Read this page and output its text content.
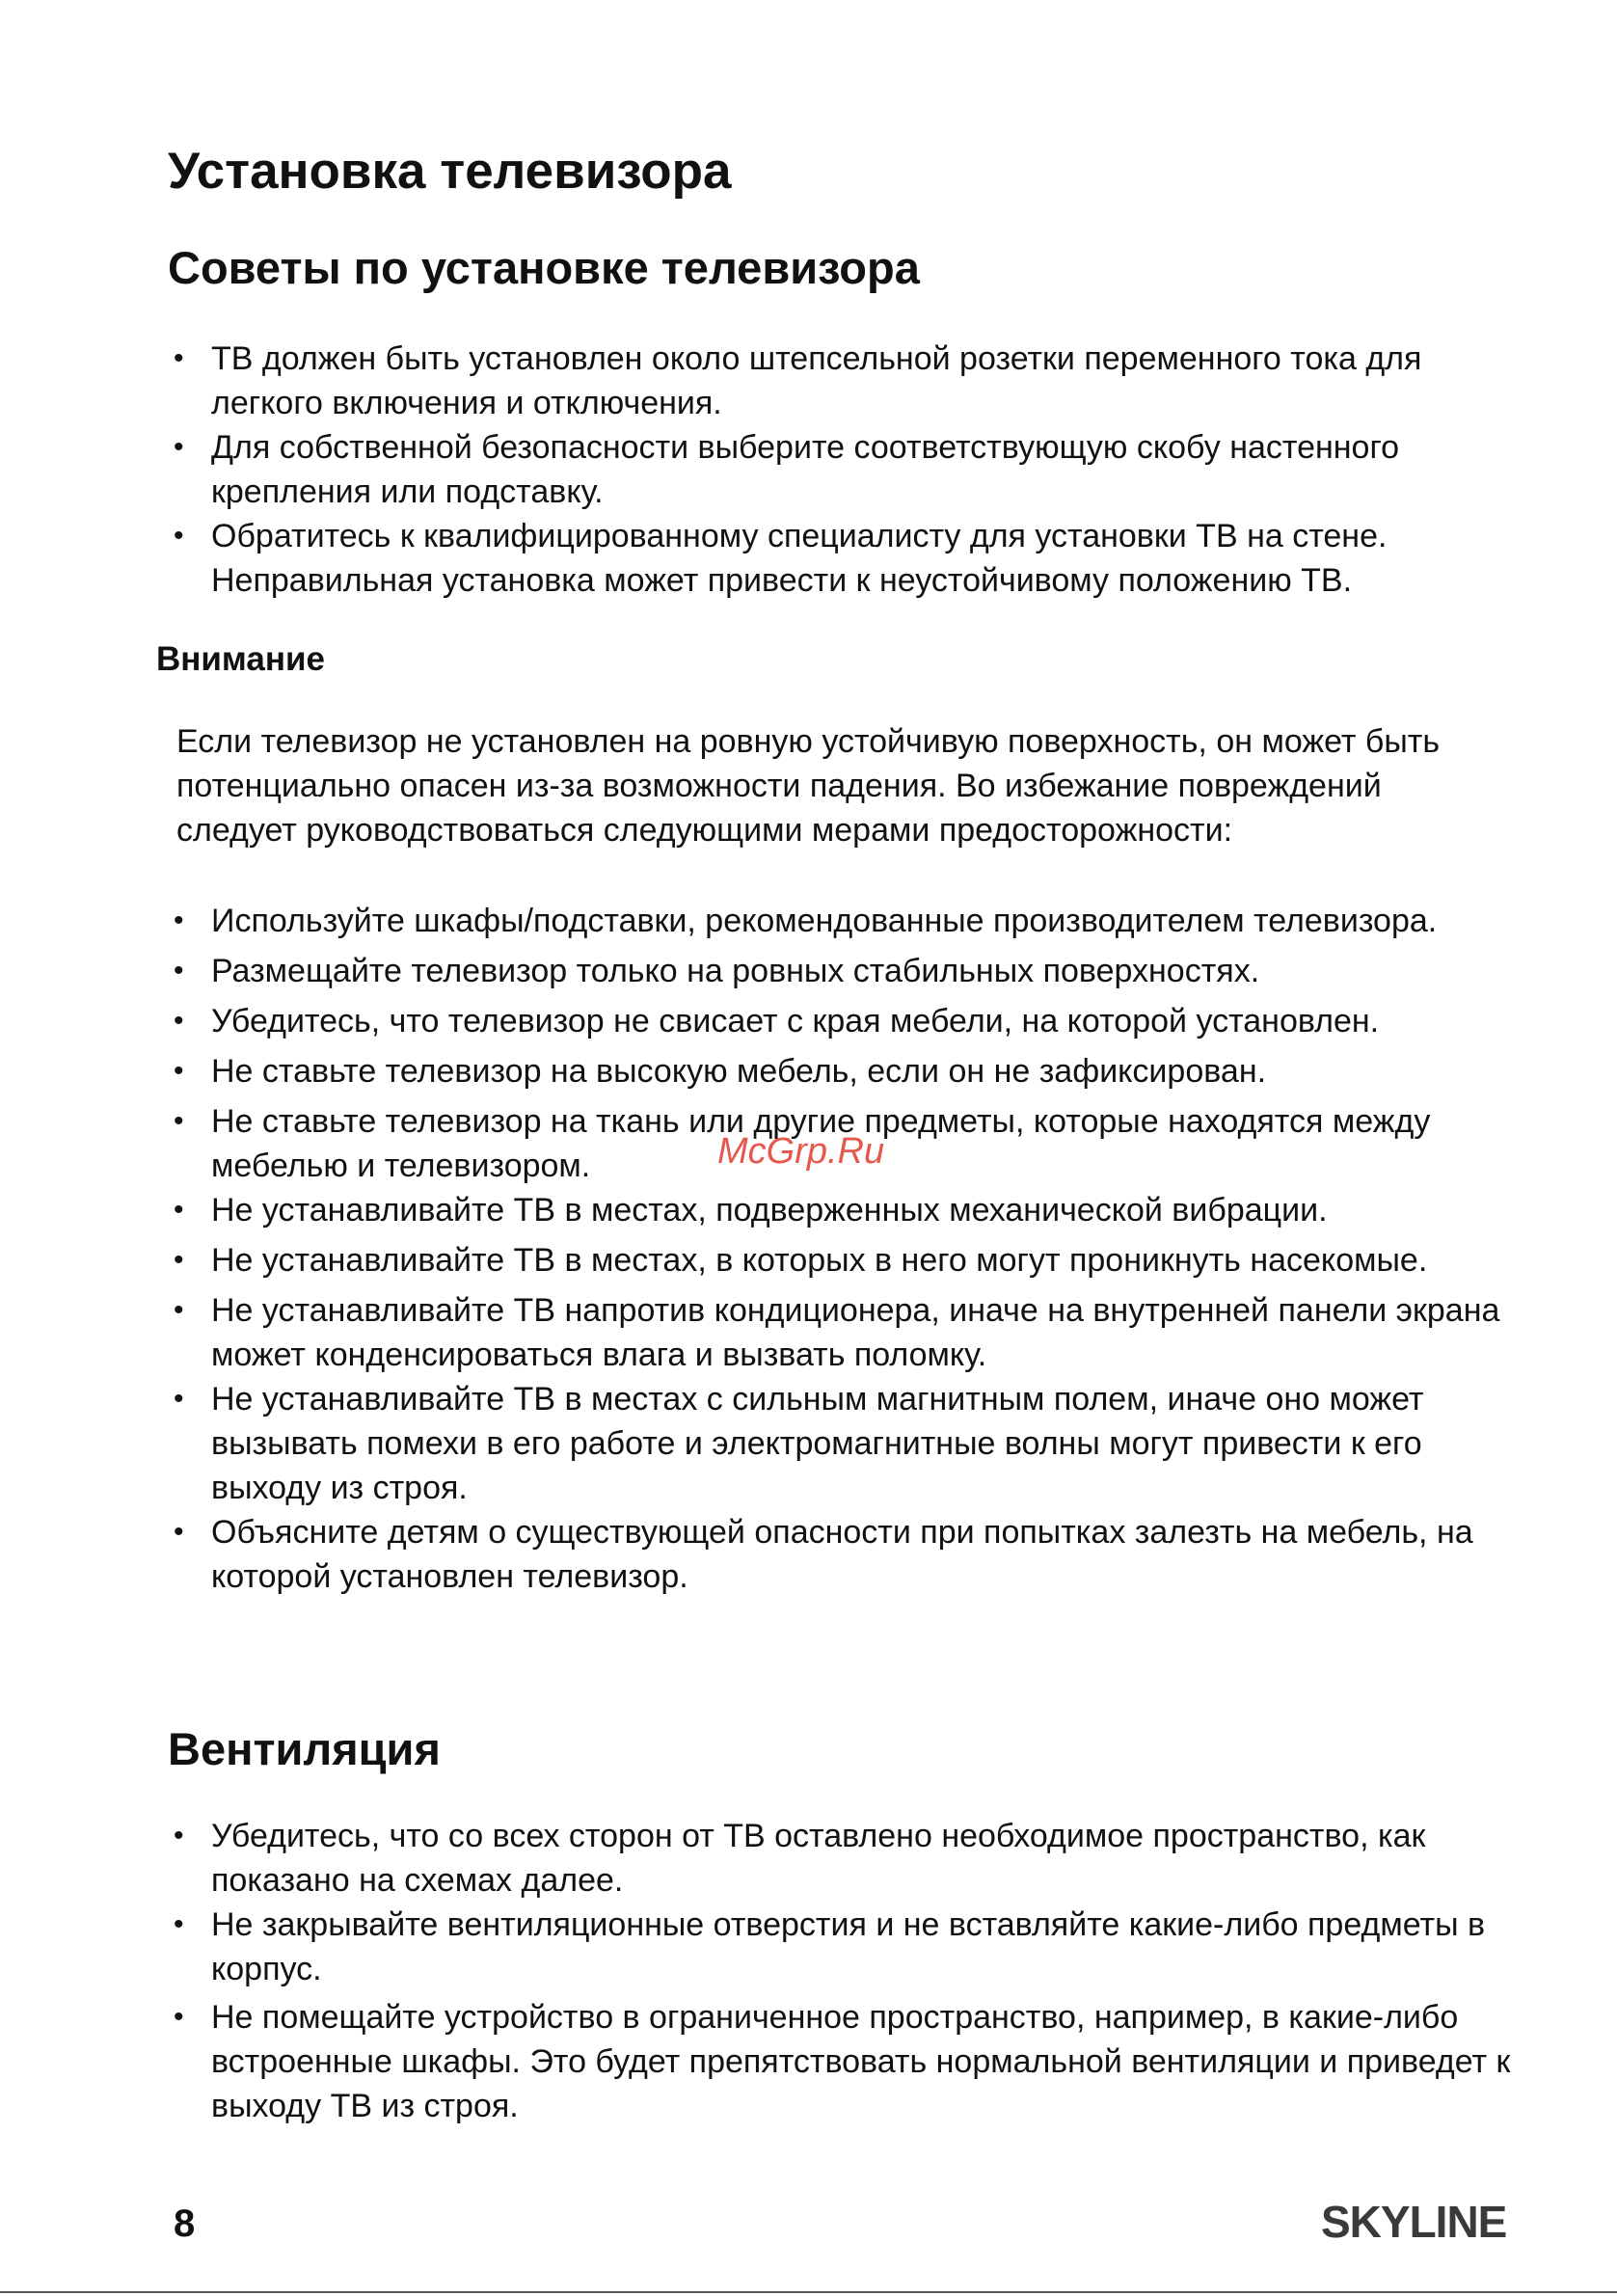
Установка телевизора
Советы по установке телевизора
• ТВ должен быть установлен около штепсельной розетки переменного тока для легкого включения и отключения.
• Для собственной безопасности выберите соответствующую скобу настенного крепления или подставку.
• Обратитесь к квалифицированному специалисту для установки ТВ на стене. Неправильная установка может привести к неустойчивому положению ТВ.
Внимание

Если телевизор не установлен на ровную устойчивую поверхность, он может быть потенциально опасен из-за возможности падения. Во избежание повреждений следует руководствоваться следующими мерами предосторожности:

• Используйте шкафы/подставки, рекомендованные производителем телевизора.
• Размещайте телевизор только на ровных стабильных поверхностях.
• Убедитесь, что телевизор не свисает с края мебели, на которой установлен.
• Не ставьте телевизор на высокую мебель, если он не зафиксирован.
• Не ставьте телевизор на ткань или другие предметы, которые находятся между мебелью и телевизором.
• Не устанавливайте ТВ в местах, подверженных механической вибрации.
• Не устанавливайте ТВ в местах, в которых в него могут проникнуть насекомые.
• Не устанавливайте ТВ напротив кондиционера, иначе на внутренней панели экрана может конденсироваться влага и вызвать поломку.
• Не устанавливайте ТВ в местах с сильным магнитным полем, иначе оно может вызывать помехи в его работе и электромагнитные волны могут привести к его выходу из строя.
• Объясните детям о существующей опасности при попытках залезть на мебель, на которой установлен телевизор.
McGrp.Ru
Вентиляция
• Убедитесь, что со всех сторон от ТВ оставлено необходимое пространство, как показано на схемах далее.
• Не закрывайте вентиляционные отверстия и не вставляйте какие-либо предметы в корпус.
• Не помещайте устройство в ограниченное пространство, например, в какие-либо встроенные шкафы. Это будет препятствовать нормальной вентиляции и приведет к выходу ТВ из строя.
8	SKYLINE
